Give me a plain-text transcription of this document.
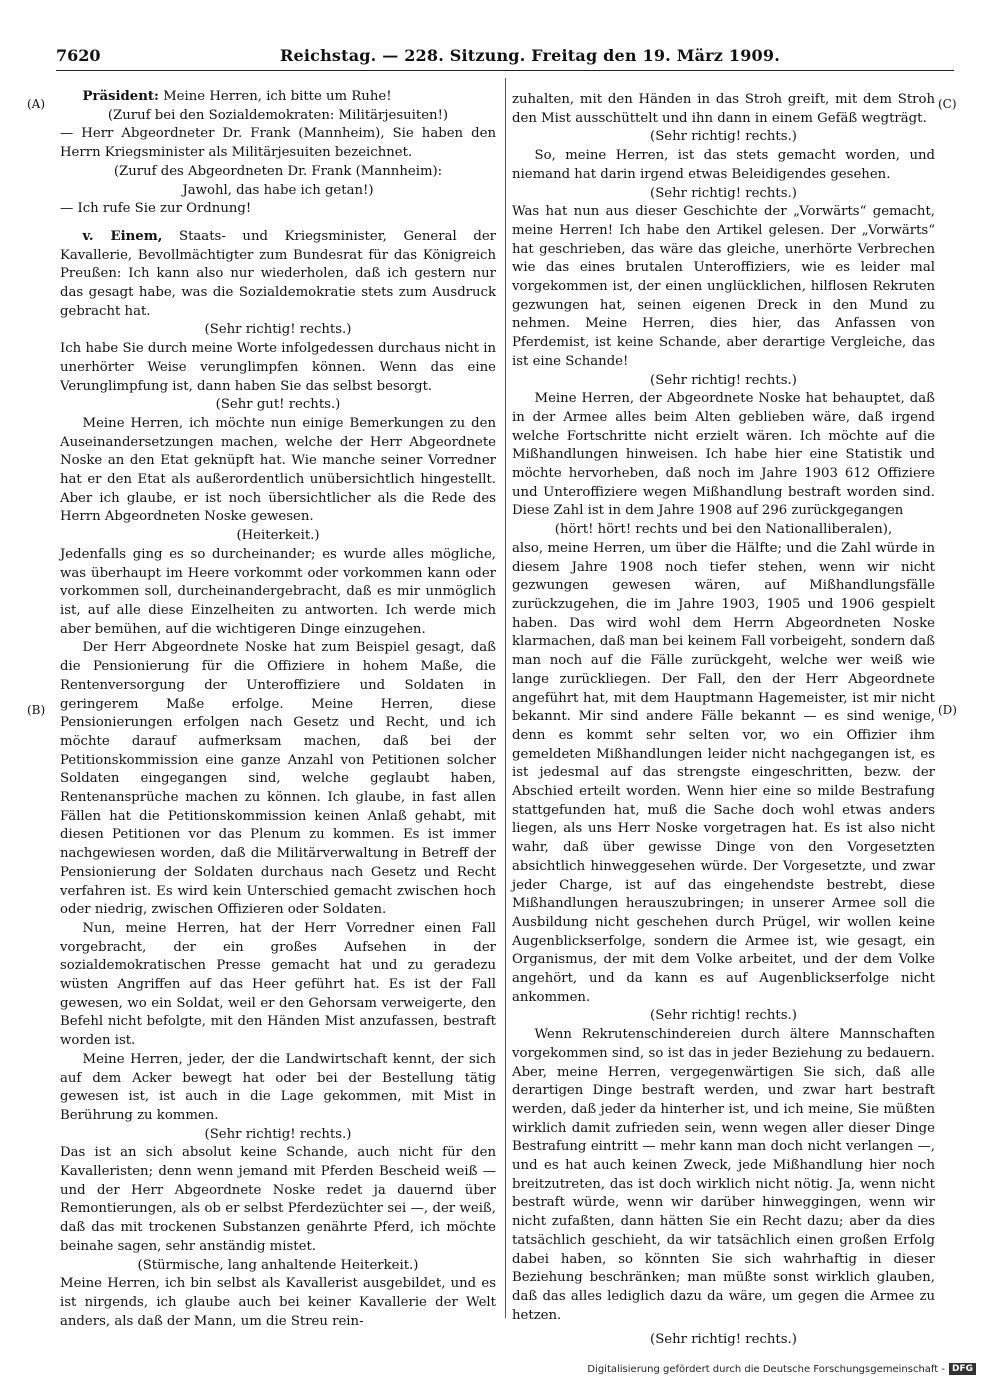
7620	Reichstag. — 228. Sitzung. Freitag den 19. März 1909.
(A)
(B)
(C)
(D)

Präsident: Meine Herren, ich bitte um Ruhe!

(Zuruf bei den Sozialdemokraten: Militärjesuiten!)

— Herr Abgeordneter Dr. Frank (Mannheim), Sie haben den Herrn Kriegsminister als Militärjesuiten bezeichnet.

(Zuruf des Abgeordneten Dr. Frank (Mannheim):

Jawohl, das habe ich getan!)

— Ich rufe Sie zur Ordnung!

v. Einem, Staats- und Kriegsminister, General der Kavallerie, Bevollmächtigter zum Bundesrat für das Königreich Preußen: Ich kann also nur wiederholen, daß ich gestern nur das gesagt habe, was die Sozialdemokratie stets zum Ausdruck gebracht hat.

(Sehr richtig! rechts.)

Ich habe Sie durch meine Worte infolgedessen durchaus nicht in unerhörter Weise verunglimpfen können. Wenn das eine Verunglimpfung ist, dann haben Sie das selbst besorgt.

(Sehr gut! rechts.)

Meine Herren, ich möchte nun einige Bemerkungen zu den Auseinandersetzungen machen, welche der Herr Abgeordnete Noske an den Etat geknüpft hat. Wie manche seiner Vorredner hat er den Etat als außerordentlich unübersichtlich hingestellt. Aber ich glaube, er ist noch übersichtlicher als die Rede des Herrn Abgeordneten Noske gewesen.

(Heiterkeit.)

Jedenfalls ging es so durcheinander; es wurde alles mögliche, was überhaupt im Heere vorkommt oder vorkommen kann oder vorkommen soll, durcheinandergebracht, daß es mir unmöglich ist, auf alle diese Einzelheiten zu antworten. Ich werde mich aber bemühen, auf die wichtigeren Dinge einzugehen.

Der Herr Abgeordnete Noske hat zum Beispiel gesagt, daß die Pensionierung für die Offiziere in hohem Maße, die Rentenversorgung der Unteroffiziere und Soldaten in geringerem Maße erfolge. Meine Herren, diese Pensionierungen erfolgen nach Gesetz und Recht, und ich möchte darauf aufmerksam machen, daß bei der Petitionskommission eine ganze Anzahl von Petitionen solcher Soldaten eingegangen sind, welche geglaubt haben, Rentenansprüche machen zu können. Ich glaube, in fast allen Fällen hat die Petitionskommission keinen Anlaß gehabt, mit diesen Petitionen vor das Plenum zu kommen. Es ist immer nachgewiesen worden, daß die Militärverwaltung in Betreff der Pensionierung der Soldaten durchaus nach Gesetz und Recht verfahren ist. Es wird kein Unterschied gemacht zwischen hoch oder niedrig, zwischen Offizieren oder Soldaten.

Nun, meine Herren, hat der Herr Vorredner einen Fall vorgebracht, der ein großes Aufsehen in der sozialdemokratischen Presse gemacht hat und zu geradezu wüsten Angriffen auf das Heer geführt hat. Es ist der Fall gewesen, wo ein Soldat, weil er den Gehorsam verweigerte, den Befehl nicht befolgte, mit den Händen Mist anzufassen, bestraft worden ist.

Meine Herren, jeder, der die Landwirtschaft kennt, der sich auf dem Acker bewegt hat oder bei der Bestellung tätig gewesen ist, ist auch in die Lage gekommen, mit Mist in Berührung zu kommen.

(Sehr richtig! rechts.)

Das ist an sich absolut keine Schande, auch nicht für den Kavalleristen; denn wenn jemand mit Pferden Bescheid weiß — und der Herr Abgeordnete Noske redet ja dauernd über Remontierungen, als ob er selbst Pferdezüchter sei —, der weiß, daß das mit trockenen Substanzen genährte Pferd, ich möchte beinahe sagen, sehr anständig mistet.

(Stürmische, lang anhaltende Heiterkeit.)

Meine Herren, ich bin selbst als Kavallerist ausgebildet, und es ist nirgends, ich glaube auch bei keiner Kavallerie der Welt anders, als daß der Mann, um die Streu rein-

zuhalten, mit den Händen in das Stroh greift, mit dem Stroh den Mist ausschüttelt und ihn dann in einem Gefäß wegträgt.

(Sehr richtig! rechts.)

So, meine Herren, ist das stets gemacht worden, und niemand hat darin irgend etwas Beleidigendes gesehen.

(Sehr richtig! rechts.)

Was hat nun aus dieser Geschichte der „Vorwärts“ gemacht, meine Herren! Ich habe den Artikel gelesen. Der „Vorwärts“ hat geschrieben, das wäre das gleiche, unerhörte Verbrechen wie das eines brutalen Unteroffiziers, wie es leider mal vorgekommen ist, der einen unglücklichen, hilflosen Rekruten gezwungen hat, seinen eigenen Dreck in den Mund zu nehmen. Meine Herren, dies hier, das Anfassen von Pferdemist, ist keine Schande, aber derartige Vergleiche, das ist eine Schande!

(Sehr richtig! rechts.)

Meine Herren, der Abgeordnete Noske hat behauptet, daß in der Armee alles beim Alten geblieben wäre, daß irgend welche Fortschritte nicht erzielt wären. Ich möchte auf die Mißhandlungen hinweisen. Ich habe hier eine Statistik und möchte hervorheben, daß noch im Jahre 1903 612 Offiziere und Unteroffiziere wegen Mißhandlung bestraft worden sind. Diese Zahl ist in dem Jahre 1908 auf 296 zurückgegangen

(hört! hört! rechts und bei den Nationalliberalen),

also, meine Herren, um über die Hälfte; und die Zahl würde in diesem Jahre 1908 noch tiefer stehen, wenn wir nicht gezwungen gewesen wären, auf Mißhandlungsfälle zurückzugehen, die im Jahre 1903, 1905 und 1906 gespielt haben. Das wird wohl dem Herrn Abgeordneten Noske klarmachen, daß man bei keinem Fall vorbeigeht, sondern daß man noch auf die Fälle zurückgeht, welche wer weiß wie lange zurückliegen. Der Fall, den der Herr Abgeordnete angeführt hat, mit dem Hauptmann Hagemeister, ist mir nicht bekannt. Mir sind andere Fälle bekannt — es sind wenige, denn es kommt sehr selten vor, wo ein Offizier ihm gemeldeten Mißhandlungen leider nicht nachgegangen ist, es ist jedesmal auf das strengste eingeschritten, bezw. der Abschied erteilt worden. Wenn hier eine so milde Bestrafung stattgefunden hat, muß die Sache doch wohl etwas anders liegen, als uns Herr Noske vorgetragen hat. Es ist also nicht wahr, daß über gewisse Dinge von den Vorgesetzten absichtlich hinweggesehen würde. Der Vorgesetzte, und zwar jeder Charge, ist auf das eingehendste bestrebt, diese Mißhandlungen herauszubringen; in unserer Armee soll die Ausbildung nicht geschehen durch Prügel, wir wollen keine Augenblickserfolge, sondern die Armee ist, wie gesagt, ein Organismus, der mit dem Volke arbeitet, und der dem Volke angehört, und da kann es auf Augenblickserfolge nicht ankommen.

(Sehr richtig! rechts.)

Wenn Rekrutenschindereien durch ältere Mannschaften vorgekommen sind, so ist das in jeder Beziehung zu bedauern. Aber, meine Herren, vergegenwärtigen Sie sich, daß alle derartigen Dinge bestraft werden, und zwar hart bestraft werden, daß jeder da hinterher ist, und ich meine, Sie müßten wirklich damit zufrieden sein, wenn wegen aller dieser Dinge Bestrafung eintritt — mehr kann man doch nicht verlangen —, und es hat auch keinen Zweck, jede Mißhandlung hier noch breitzutreten, das ist doch wirklich nicht nötig. Ja, wenn nicht bestraft würde, wenn wir darüber hinweggingen, wenn wir nicht zufaßten, dann hätten Sie ein Recht dazu; aber da dies tatsächlich geschieht, da wir tatsächlich einen großen Erfolg dabei haben, so könnten Sie sich wahrhaftig in dieser Beziehung beschränken; man müßte sonst wirklich glauben, daß das alles lediglich dazu da wäre, um gegen die Armee zu hetzen.

(Sehr richtig! rechts.)

Digitalisierung gefördert durch die Deutsche Forschungsgemeinschaft - DFG
